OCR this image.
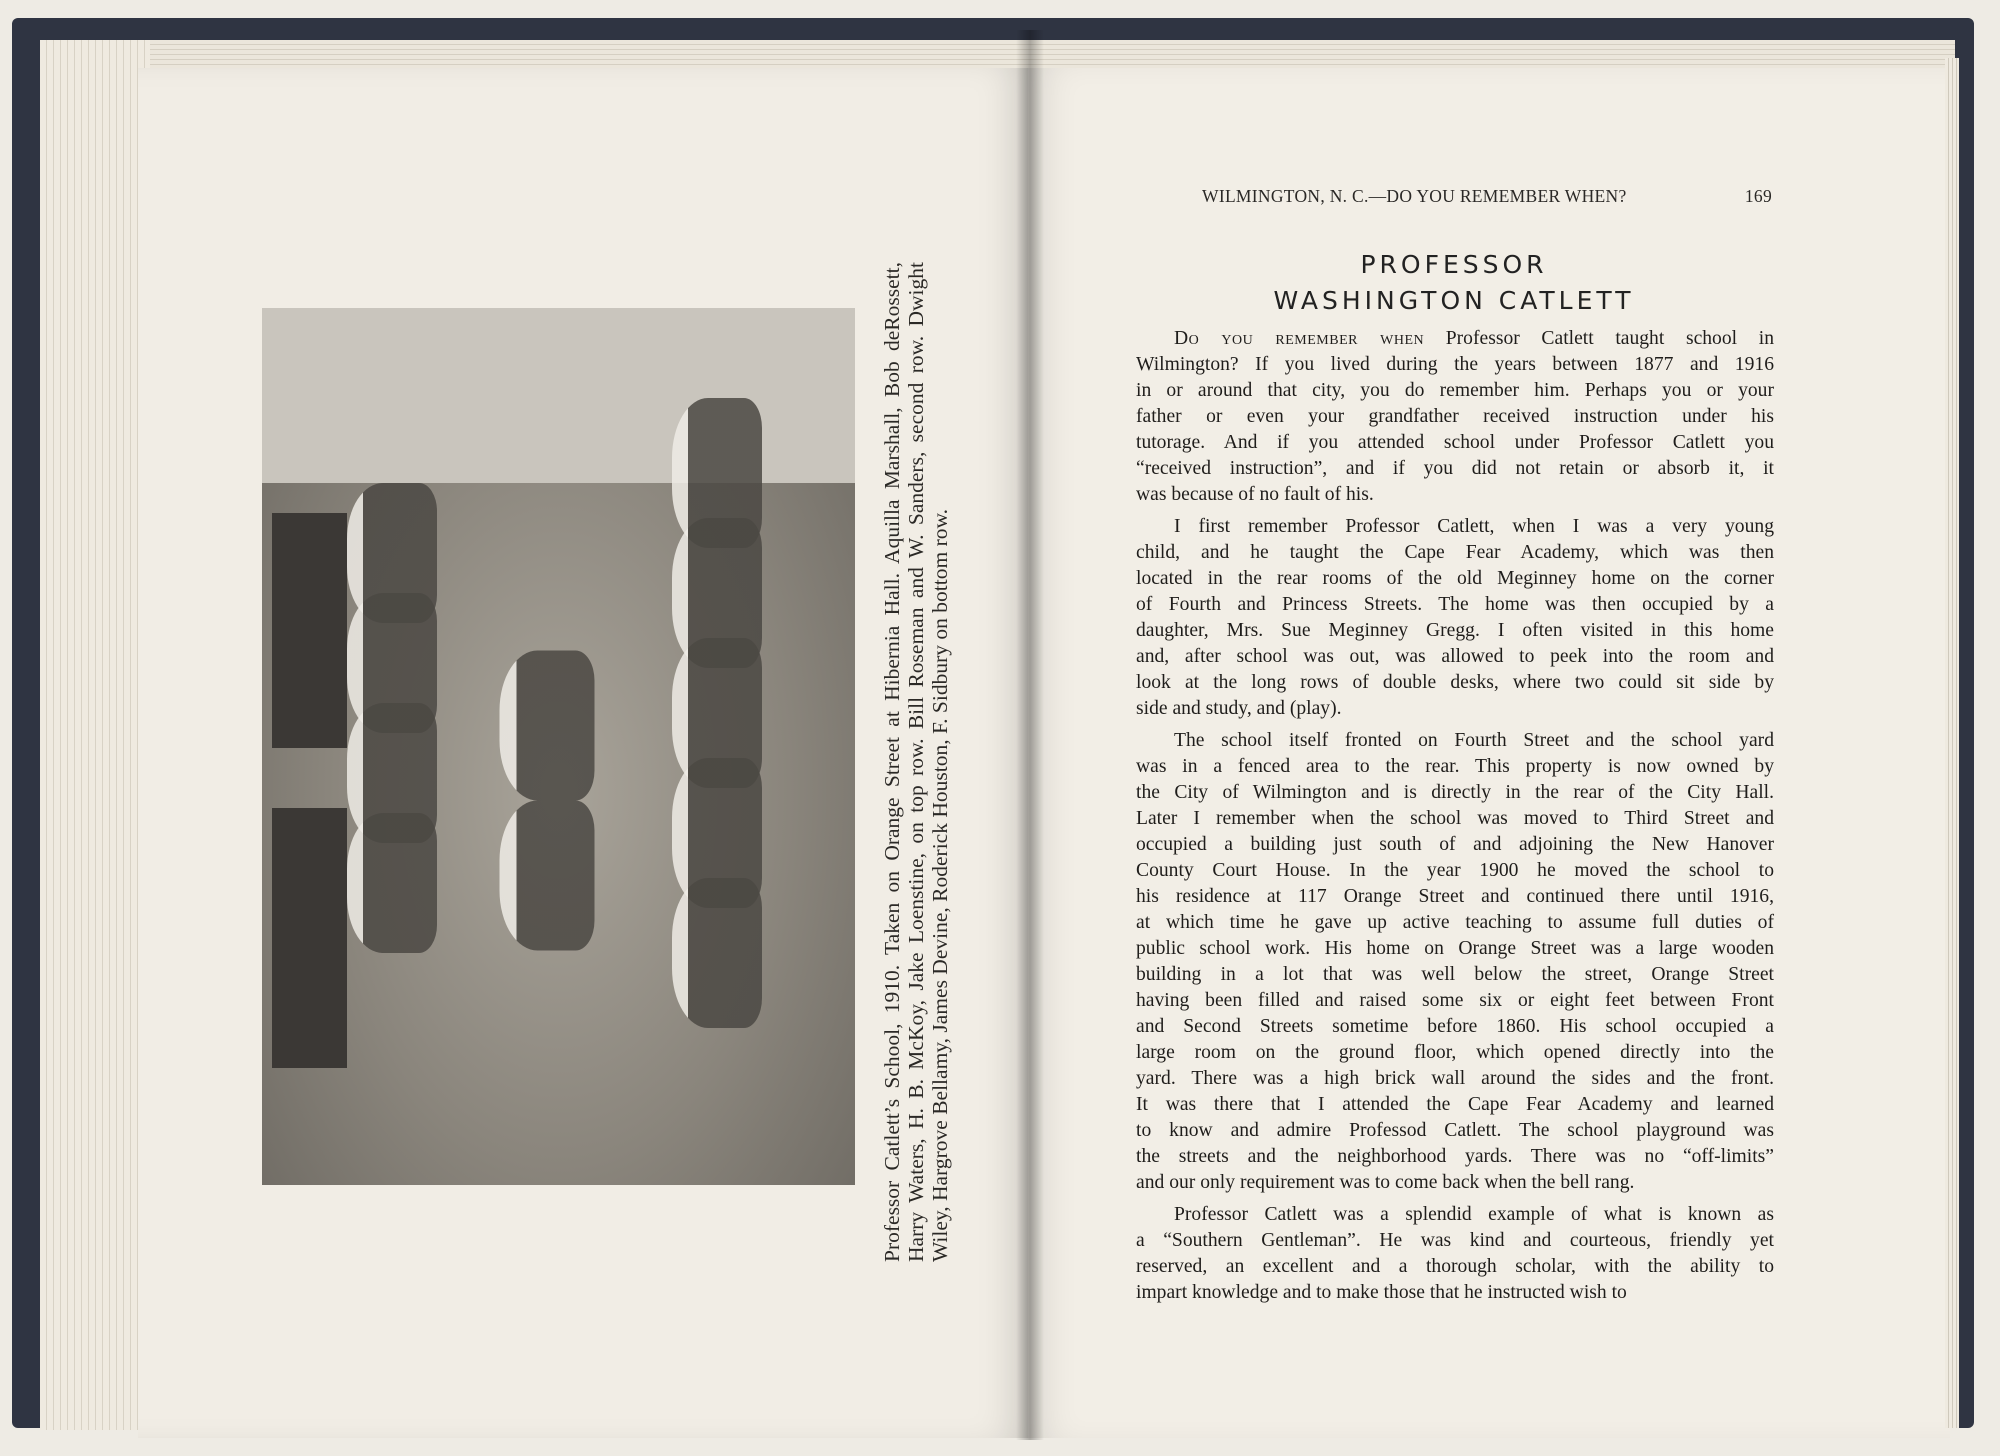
Professor Catlett’s School, 1910. Taken on Orange Street at Hibernia Hall. Aquilla Marshall, Bob deRossett, Harry Waters, H. B. McKoy, Jake Loenstine, on top row. Bill Roseman and W. Sanders, second row. Dwight Wiley, Hargrove Bellamy, James Devine, Roderick Houston, F. Sidbury on bottom row.
WILMINGTON, N. C.—DO YOU REMEMBER WHEN?	169
PROFESSOR
WASHINGTON CATLETT

Do you remember when Professor Catlett taught school in
Wilmington? If you lived during the years between 1877 and 1916
in or around that city, you do remember him. Perhaps you or your
father or even your grandfather received instruction under his
tutorage. And if you attended school under Professor Catlett you
“received instruction”, and if you did not retain or absorb it, it
was because of no fault of his.

I first remember Professor Catlett, when I was a very young
child, and he taught the Cape Fear Academy, which was then
located in the rear rooms of the old Meginney home on the corner
of Fourth and Princess Streets. The home was then occupied by a
daughter, Mrs. Sue Meginney Gregg. I often visited in this home
and, after school was out, was allowed to peek into the room and
look at the long rows of double desks, where two could sit side by
side and study, and (play).

The school itself fronted on Fourth Street and the school yard
was in a fenced area to the rear. This property is now owned by
the City of Wilmington and is directly in the rear of the City Hall.
Later I remember when the school was moved to Third Street and
occupied a building just south of and adjoining the New Hanover
County Court House. In the year 1900 he moved the school to
his residence at 117 Orange Street and continued there until 1916,
at which time he gave up active teaching to assume full duties of
public school work. His home on Orange Street was a large wooden
building in a lot that was well below the street, Orange Street
having been filled and raised some six or eight feet between Front
and Second Streets sometime before 1860. His school occupied a
large room on the ground floor, which opened directly into the
yard. There was a high brick wall around the sides and the front.
It was there that I attended the Cape Fear Academy and learned
to know and admire Professod Catlett. The school playground was
the streets and the neighborhood yards. There was no “off-limits”
and our only requirement was to come back when the bell rang.

Professor Catlett was a splendid example of what is known as
a “Southern Gentleman”. He was kind and courteous, friendly yet
reserved, an excellent and a thorough scholar, with the ability to
impart knowledge and to make those that he instructed wish to
